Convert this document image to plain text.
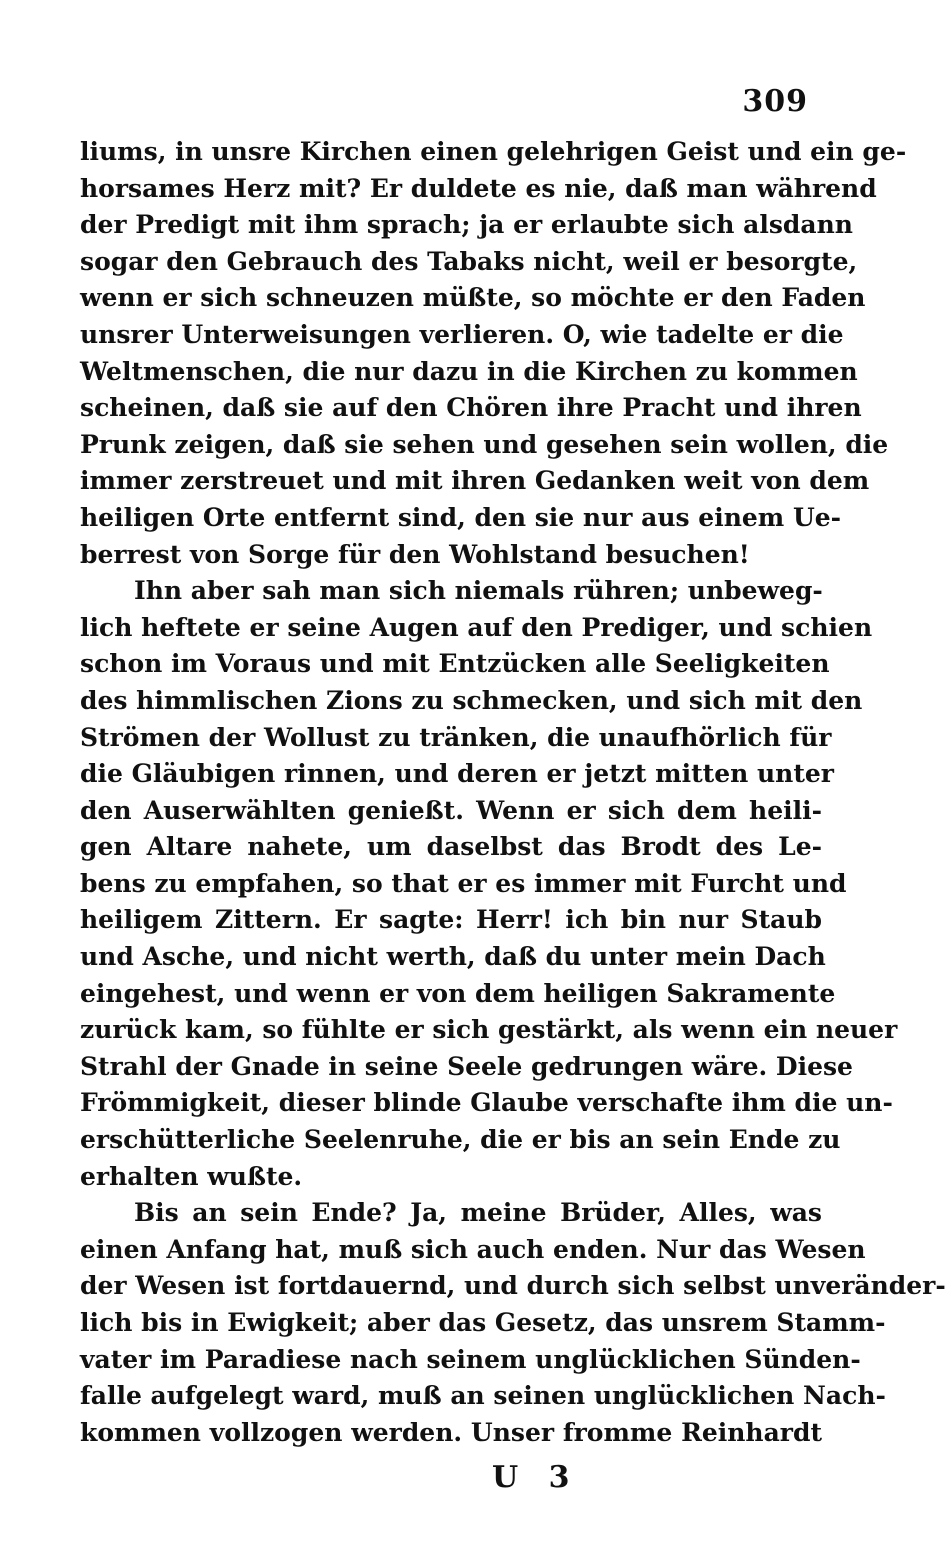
309
liums, in unsre Kirchen einen gelehrigen Geist und ein ge-
horsames Herz mit? Er duldete es nie, daß man während
der Predigt mit ihm sprach; ja er erlaubte sich alsdann
sogar den Gebrauch des Tabaks nicht, weil er besorgte,
wenn er sich schneuzen müßte, so möchte er den Faden
unsrer Unterweisungen verlieren. O, wie tadelte er die
Weltmenschen, die nur dazu in die Kirchen zu kommen
scheinen, daß sie auf den Chören ihre Pracht und ihren
Prunk zeigen, daß sie sehen und gesehen sein wollen, die
immer zerstreuet und mit ihren Gedanken weit von dem
heiligen Orte entfernt sind, den sie nur aus einem Ue-
berrest von Sorge für den Wohlstand besuchen!
Ihn aber sah man sich niemals rühren; unbeweg-
lich heftete er seine Augen auf den Prediger, und schien
schon im Voraus und mit Entzücken alle Seeligkeiten
des himmlischen Zions zu schmecken, und sich mit den
Strömen der Wollust zu tränken, die unaufhörlich für
die Gläubigen rinnen, und deren er jetzt mitten unter
den Auserwählten genießt. Wenn er sich dem heili-
gen Altare nahete, um daselbst das Brodt des Le-
bens zu empfahen, so that er es immer mit Furcht und
heiligem Zittern. Er sagte: Herr! ich bin nur Staub
und Asche, und nicht werth, daß du unter mein Dach
eingehest, und wenn er von dem heiligen Sakramente
zurück kam, so fühlte er sich gestärkt, als wenn ein neuer
Strahl der Gnade in seine Seele gedrungen wäre. Diese
Frömmigkeit, dieser blinde Glaube verschafte ihm die un-
erschütterliche Seelenruhe, die er bis an sein Ende zu
erhalten wußte.
Bis an sein Ende? Ja, meine Brüder, Alles, was
einen Anfang hat, muß sich auch enden. Nur das Wesen
der Wesen ist fortdauernd, und durch sich selbst unveränder-
lich bis in Ewigkeit; aber das Gesetz, das unsrem Stamm-
vater im Paradiese nach seinem unglücklichen Sünden-
falle aufgelegt ward, muß an seinen unglücklichen Nach-
kommen vollzogen werden. Unser fromme Reinhardt
U 3
